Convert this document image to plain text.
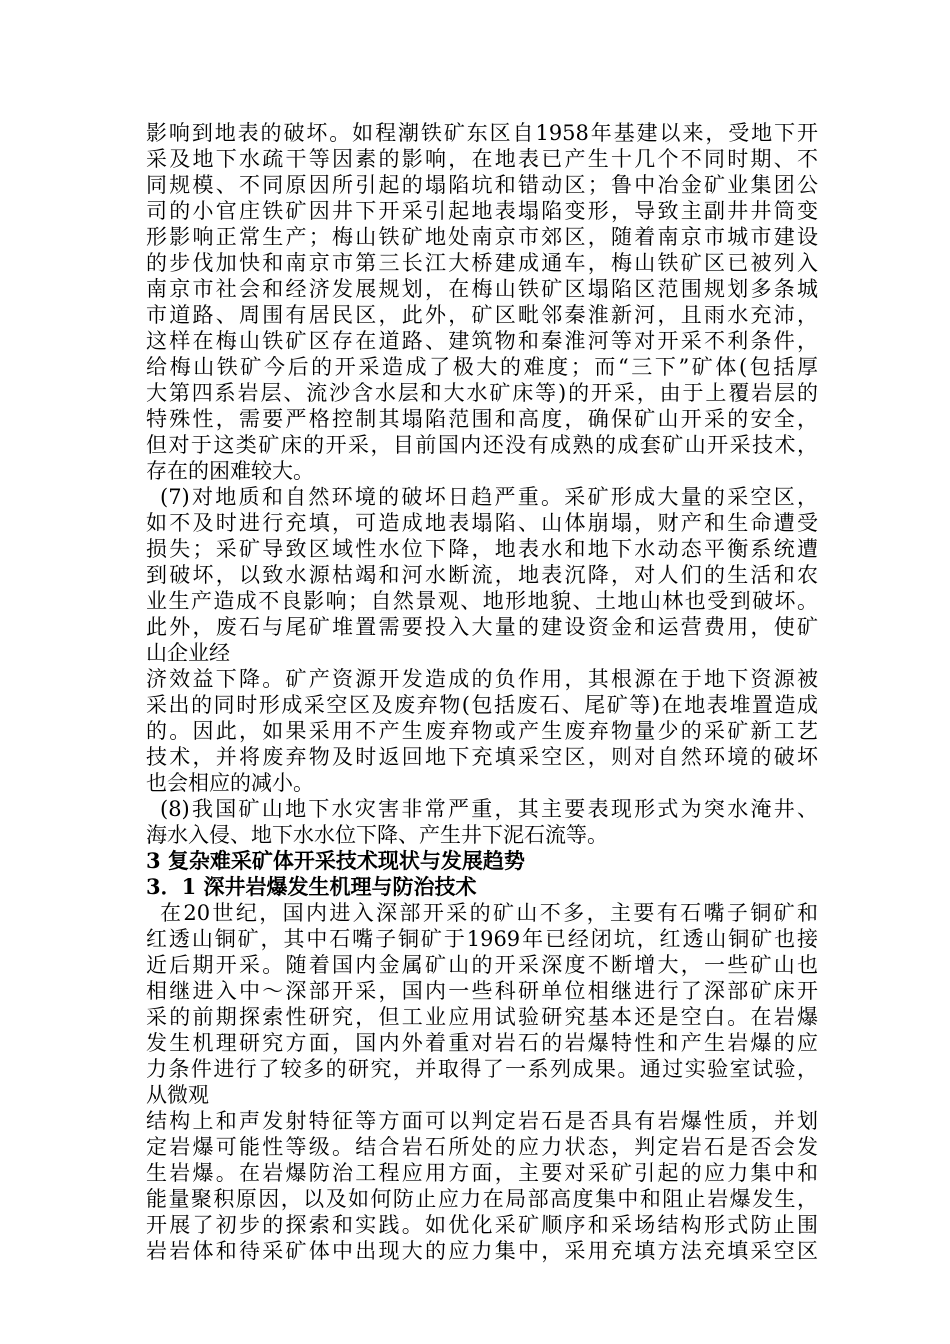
影响到地表的破坏。如程潮铁矿东区自1958年基建以来，受地下开
采及地下水疏干等因素的影响，在地表已产生十几个不同时期、不
同规模、不同原因所引起的塌陷坑和错动区；鲁中冶金矿业集团公
司的小官庄铁矿因井下开采引起地表塌陷变形，导致主副井井筒变
形影响正常生产；梅山铁矿地处南京市郊区，随着南京市城市建设
的步伐加快和南京市第三长江大桥建成通车，梅山铁矿区已被列入
南京市社会和经济发展规划，在梅山铁矿区塌陷区范围规划多条城
市道路、周围有居民区，此外，矿区毗邻秦淮新河，且雨水充沛，
这样在梅山铁矿区存在道路、建筑物和秦淮河等对开采不利条件，
给梅山铁矿今后的开采造成了极大的难度；而“三下”矿体(包括厚
大第四系岩层、流沙含水层和大水矿床等)的开采，由于上覆岩层的
特殊性，需要严格控制其塌陷范围和高度，确保矿山开采的安全，
但对于这类矿床的开采，目前国内还没有成熟的成套矿山开采技术，
存在的困难较大。
(7)对地质和自然环境的破坏日趋严重。采矿形成大量的采空区，
如不及时进行充填，可造成地表塌陷、山体崩塌，财产和生命遭受
损失；采矿导致区域性水位下降，地表水和地下水动态平衡系统遭
到破坏，以致水源枯竭和河水断流，地表沉降，对人们的生活和农
业生产造成不良影响；自然景观、地形地貌、土地山林也受到破坏。
此外，废石与尾矿堆置需要投入大量的建设资金和运营费用，使矿
山企业经
济效益下降。矿产资源开发造成的负作用，其根源在于地下资源被
采出的同时形成采空区及废弃物(包括废石、尾矿等)在地表堆置造成
的。因此，如果采用不产生废弃物或产生废弃物量少的采矿新工艺
技术，并将废弃物及时返回地下充填采空区，则对自然环境的破坏
也会相应的减小。
(8)我国矿山地下水灾害非常严重，其主要表现形式为突水淹井、
海水入侵、地下水水位下降、产生井下泥石流等。
3 复杂难采矿体开采技术现状与发展趋势
3．1 深井岩爆发生机理与防治技术
在20世纪，国内进入深部开采的矿山不多，主要有石嘴子铜矿和
红透山铜矿，其中石嘴子铜矿于1969年已经闭坑，红透山铜矿也接
近后期开采。随着国内金属矿山的开采深度不断增大，一些矿山也
相继进入中～深部开采，国内一些科研单位相继进行了深部矿床开
采的前期探索性研究，但工业应用试验研究基本还是空白。在岩爆
发生机理研究方面，国内外着重对岩石的岩爆特性和产生岩爆的应
力条件进行了较多的研究，并取得了一系列成果。通过实验室试验，
从微观
结构上和声发射特征等方面可以判定岩石是否具有岩爆性质，并划
定岩爆可能性等级。结合岩石所处的应力状态，判定岩石是否会发
生岩爆。在岩爆防治工程应用方面，主要对采矿引起的应力集中和
能量聚积原因，以及如何防止应力在局部高度集中和阻止岩爆发生，
开展了初步的探索和实践。如优化采矿顺序和采场结构形式防止围
岩岩体和待采矿体中出现大的应力集中，采用充填方法充填采空区
